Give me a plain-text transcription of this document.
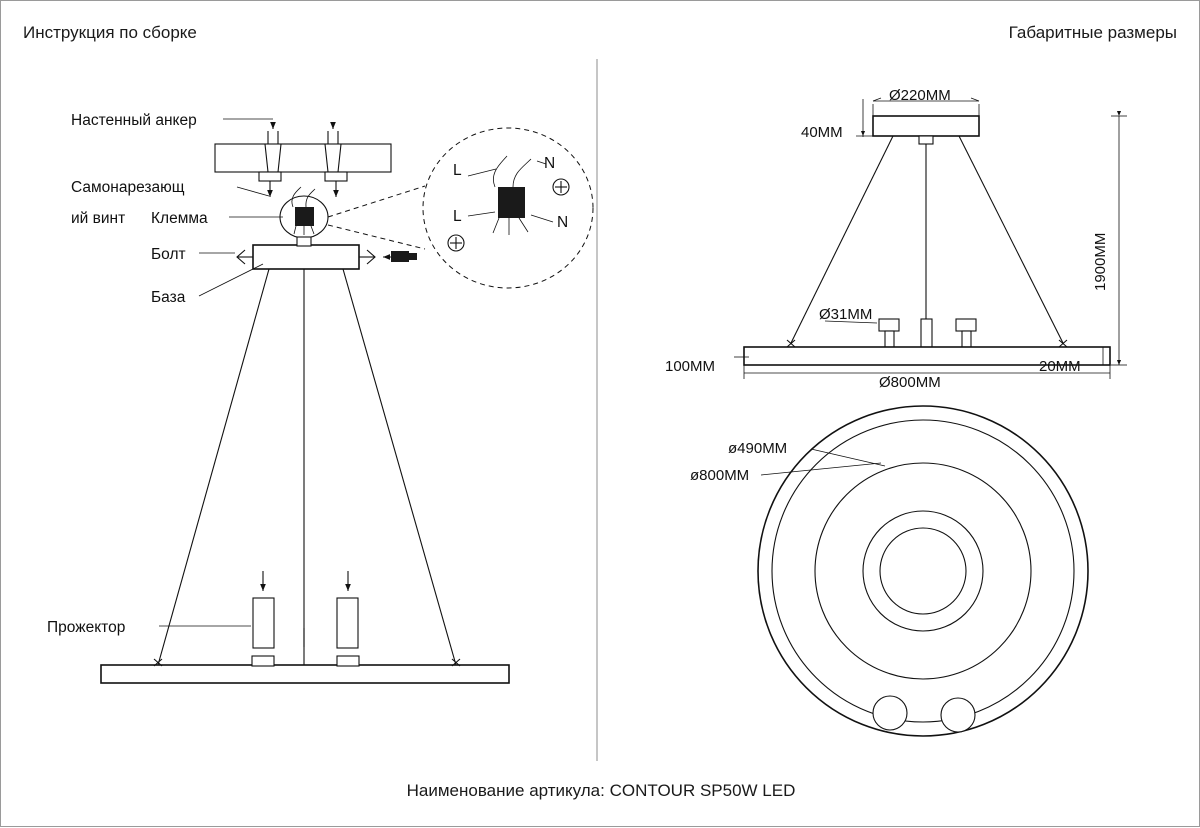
Инструкция по сборке	Габаритные размеры
Настенный анкер
Самонарезающ
ий винт Клемма
Болт
База
Прожектор
L	N
L	N
Ø220ММ
40ММ
1900ММ
Ø31ММ
100ММ
Ø800ММ
20ММ
ø490ММ
ø800ММ
Наименование артикула: CONTOUR SP50W LED
